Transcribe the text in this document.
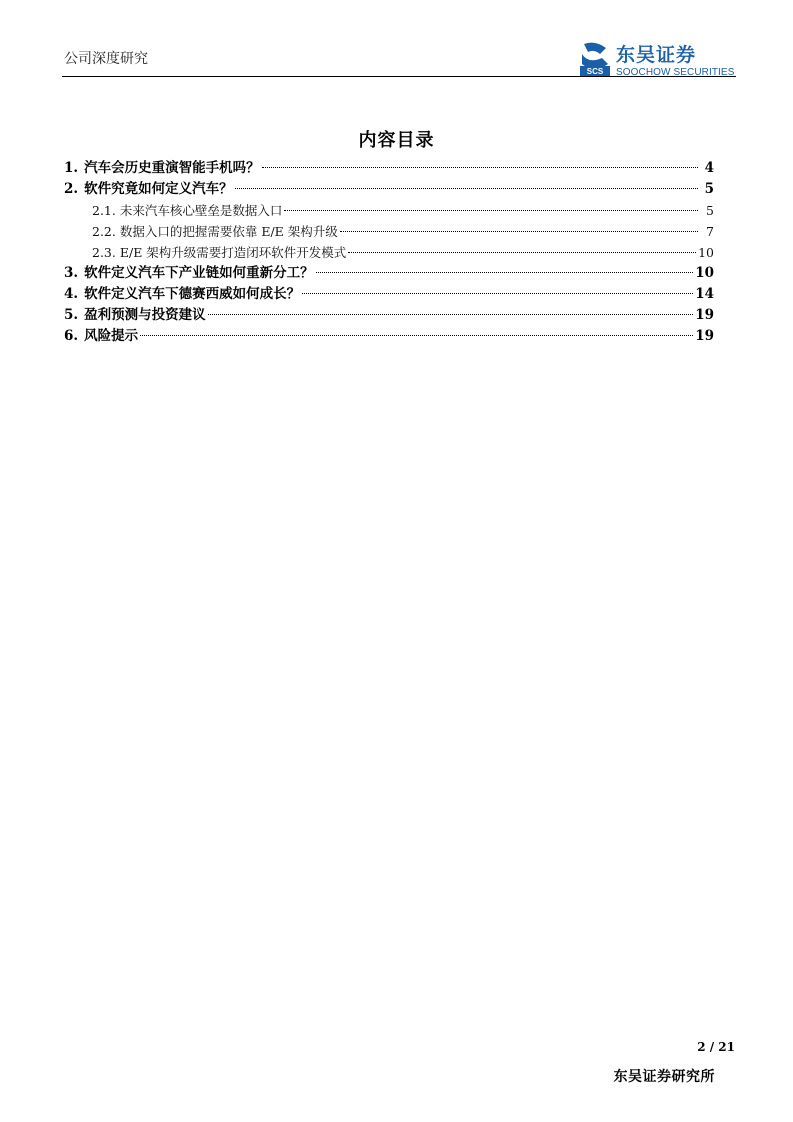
公司深度研究
SCS
东吴证券
SOOCHOW SECURITIES
内容目录
1. 汽车会历史重演智能手机吗？	4
2. 软件究竟如何定义汽车？	5
2.1. 未来汽车核心壁垒是数据入口	5
2.2. 数据入口的把握需要依靠 E/E 架构升级	7
2.3. E/E 架构升级需要打造闭环软件开发模式	10
3. 软件定义汽车下产业链如何重新分工？	10
4. 软件定义汽车下德赛西威如何成长？	14
5. 盈利预测与投资建议	19
6. 风险提示	19
2 / 21
东吴证券研究所
